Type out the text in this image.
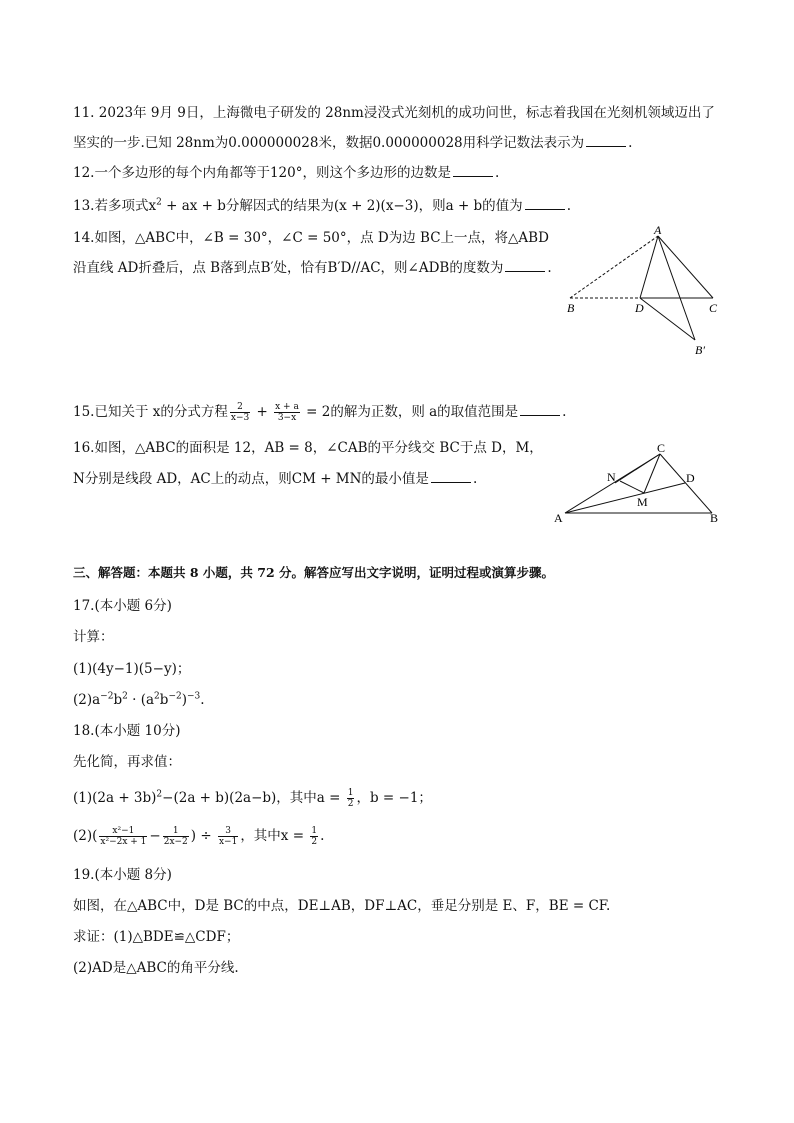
11. 2023年 9月 9日，上海微电子研发的 28nm浸没式光刻机的成功问世，标志着我国在光刻机领域迈出了
坚实的一步.已知 28nm为0.000000028米，数据0.000000028用科学记数法表示为	.
12.一个多边形的每个内角都等于120°，则这个多边形的边数是	.
13.若多项式$x^2$ + ax + b分解因式的结果为(x + 2)(x−3)，则a + b的值为	.
14.如图，△ABC中，∠B = 30°，∠C = 50°，点 D为边 BC上一点，将△ABD
沿直线 AD折叠后，点 B落到点B′处，恰有B′D//AC，则∠ADB的度数为	.
A
B	D	C
B′
15.已知关于 x的分式方程 $\frac{2}{x-3} + \frac{x + a}{3-x} = 2$的解为正数，则 a的取值范围是	.
16.如图，△ABC的面积是 12，AB = 8，∠CAB的平分线交 BC于点 D，M，
N分别是线段 AD，AC上的动点，则CM + MN的最小值是	.
C
N	D
M
A	B
三、解答题：本题共 8 小题，共 72 分。解答应写出文字说明，证明过程或演算步骤。
17.(本小题 6分)
计算：
(1)(4y−1)(5−y)；
$(2)a^{-2}b^2 \cdot (a^2b^{-2})^{-3}$.
18.(本小题 10分)
先化简，再求值：
$(1)(2a + 3b)^2-(2a + b)(2a-b)$，其中$a = \frac{1}{2}$ ，b = −1；
$(2)( \frac{\text{x²−1}}{\text{x²−2x + 1}} - \frac{1}{2x-2}$ ) ÷ $\frac{3}{x-1}$ ，其中$x = \frac{1}{2}$ .
19.(本小题 8分)
如图，在△ABC中，D是 BC的中点，DE⊥AB，DF⊥AC，垂足分别是 E、F，BE = CF.
求证：(1)△BDE≌△CDF；
(2)AD是△ABC的角平分线.
